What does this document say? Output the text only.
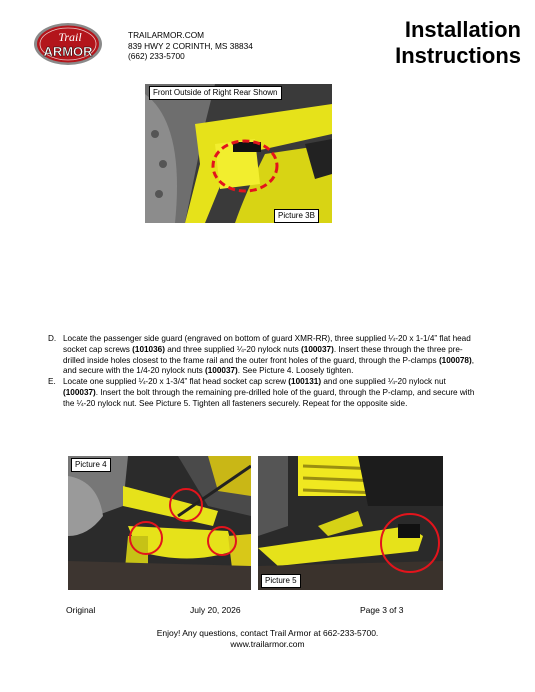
Trail
ARMOR
TRAILARMOR.COM
839 HWY 2 CORINTH, MS 38834
(662) 233-5700
Installation
Instructions
Front Outside of Right Rear Shown
Picture 3B
D. Locate the passenger side guard (engraved on bottom of guard XMR-RR), three supplied ¼-20 x 1-1/4” flat head socket cap screws (101036) and three supplied ¼-20 nylock nuts (100037). Insert these through the three pre-drilled inside holes closest to the frame rail and the outer front holes of the guard, through the P-clamps (100078), and secure with the 1/4-20 nylock nuts (100037). See Picture 4. Loosely tighten.
E. Locate one supplied ¼-20 x 1-3/4” flat head socket cap screw (100131) and one supplied ¼-20 nylock nut (100037). Insert the bolt through the remaining pre-drilled hole of the guard, through the P-clamp, and secure with the ¼-20 nylock nut. See Picture 5. Tighten all fasteners securely. Repeat for the opposite side.
Picture 4
Picture 5
Original	July 20, 2026	Page 3 of 3
Enjoy! Any questions, contact Trail Armor at 662-233-5700.
www.trailarmor.com
